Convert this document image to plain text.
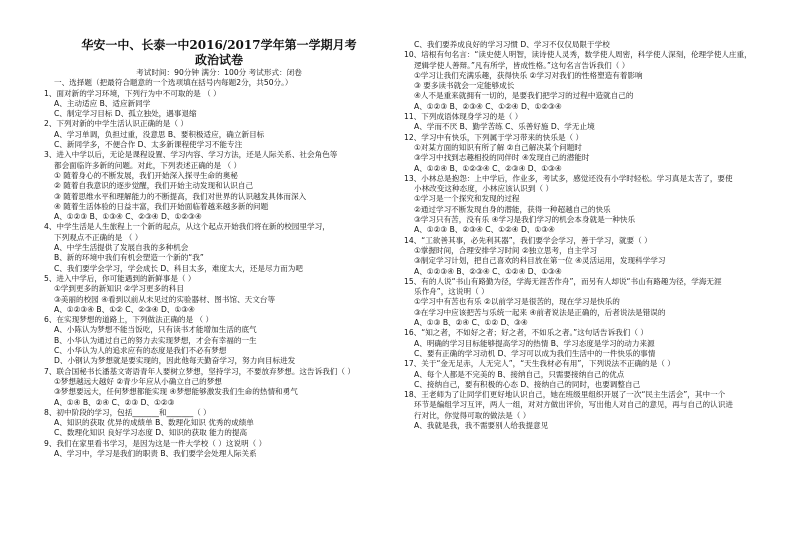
华安一中、长泰一中2016/2017学年第一学期月考
政治试卷
考试时间：90分钟 满分：100分 考试形式：闭卷
一、选择题（把最符合题意的一个选项填在括号内每题2分，共50分。）
1、面对新的学习环境，下列行为中不可取的是 （ ）
A、主动适应 B、适应新同学
C、制定学习目标 D、孤立独处，遇事退缩
2、下列对新的中学生活认识正确的是（ ）
A、学习单调，负担过重，没意思 B、要积极适应，确立新目标
C、新同学多，不便合作 D、太多新课程使学习不能专注
3、进入中学以后，无论是课程设置、学习内容、学习方法，还是人际关系、社会角色等
都会面临许多新的问题。对此，下列表述正确的是 （ ）
① 随着身心的不断发展，我们开始深入探寻生命的奥秘
② 随着自我意识的逐步觉醒，我们开始主动发现和认识自己
③ 随着思维水平和理解能力的不断提高，我们对世界的认识越发具体而深入
④ 随着生活体验的日益丰富，我们开始面临着越来越多新的问题
A、①②③ B、①③④ C、②③④ D、①②③④
4、中学生活是人生旅程上一个新的起点，从这个起点开始我们将在新的校园里学习，
下列观点不正确的是 （ ）
A、中学生活提供了发展自我的多种机会
B、新的环境中我们有机会塑造一个新的“我”
C、我们要学会学习，学会成长 D、科目太多，难度太大，还是尽力而为吧
5、进入中学后，你可能遇到的新鲜事是（ ）
①学到更多的新知识 ②学习更多的科目
③美丽的校园 ④看到以前从未见过的实验器材、图书馆、天文台等
A、①②③④ B、①② C、②③④ D、①③④
6、在实现梦想的道路上，下列做法正确的是 （ ）
A、小陈认为梦想不能当饭吃，只有读书才能增加生活的底气
B、小华认为通过自己的努力去实现梦想，才会有幸福的一生
C、小华认为人的追求应有的态度是我们不必有梦想
D、小钢认为梦想就是要实现的，因此他每天勤奋学习，努力向目标进发
7、联合国秘书长潘基文寄语青年人要树立梦想，坚持学习，不要放弃梦想。这告诉我们（ ）
①梦想越远大越好 ②青少年应从小确立自己的梦想
③梦想要远大，任何梦想都能实现 ④梦想能够激发我们生命的热情和勇气
A、①④ B、②④ C、②③ D、①②③
8、初中阶段的学习，包括_______和_______（ ）
A、知识的获取 优异的成绩单 B、数理化知识 优秀的成绩单
C、数理化知识 良好学习态度 D、知识的获取 能力的提高
9、我们在家里看书学习，是因为这是一件大学校（ ）这说明（ ）
A、学习中，学习是我们的职责 B、我们要学会处理人际关系
C、我们要养成良好的学习习惯 D、学习不仅仅局限于学校
10、培根有句名言：“读史使人明智，读诗使人灵秀，数学使人周密，科学使人深刻，伦理学使人庄重，
逻辑学使人善辩。”凡有所学，皆成性格。”这句名言告诉我们（ ）
①学习让我们充满乐趣，获得快乐 ②学习对我们的性格塑造有着影响
③ 要多读书就会一定能够成长
④人不是重来就拥有一切的，是要我们把学习的过程中造就自己的
A、①②③ B、②③④ C、①②④ D、①②③④
11、下列成语体现身学习的是（ ）
A、学而不厌 B、勤学苦练 C、乐善好施 D、学无止境
12、学习中有快乐，下列属于学习带来的快乐是（ ）
①对某方面的知识有所了解 ②自己解决某个问题时
③学习中找到志趣相投的同伴时 ④发现自己的潜能时
A、①②④ B、①②③④ C、②③④ D、①③④
13、小林总是抱怨：上中学后，作业多，考试多，感觉还没有小学时轻松。学习真是太苦了，要使
小林改变这种态度，小林应该认识到（ ）
①学习是一个探究和发现的过程
②通过学习不断发现自身的潜能，获得一种超越自己的快乐
③学习只有苦，没有乐 ④学习是我们学习的机会本身就是一种快乐
A、①②③ B、②③④ C、①②④ D、①③④
14、“工欲善其事，必先利其器”，我们要学会学习，善于学习，就要（ ）
①掌握时间，合理安排学习时间 ②独立思考，自主学习
③制定学习计划，把自己喜欢的科目放在第一位 ④灵活运用，发现科学学习
A、①②③④ B、②③④ C、①②④ D、①③④
15、有的人说“书山有路勤为径，学海无涯苦作舟”，而另有人却说“书山有路趣为径，学海无涯
乐作舟”，这说明（ ）
①学习中有苦也有乐 ②以前学习是很苦的，现在学习是快乐的
③在学习中应该把苦与乐统一起来 ④前者说法是正确的，后者说法是错误的
A、①③ B、②④ C、①② D、③④
16、“知之者，不如好之者；好之者，不如乐之者。”这句话告诉我们（ ）
A、明确的学习目标能够提高学习的热情 B、学习态度是学习的动力来源
C、要有正确的学习动机 D、学习可以成为我们生活中的一件快乐的事情
17、关于“金无足赤，人无完人”，“天生我材必有用”，下列说法不正确的是（ ）
A、每个人都是不完美的 B、接纳自己，只需要接纳自己的优点
C、接纳自己，要有积极的心态 D、接纳自己的同时，也要调整自己
18、王老师为了让同学们更好地认识自己，她在班级里组织开展了一次“民主生活会”，其中一个
环节是编组学习互评，两人一组，对对方做出评价，写出他人对自己的意见，再与自己的认识进
行对比，你觉得可取的做法是（ ）
A、我就是我，我不需要别人给我提意见
